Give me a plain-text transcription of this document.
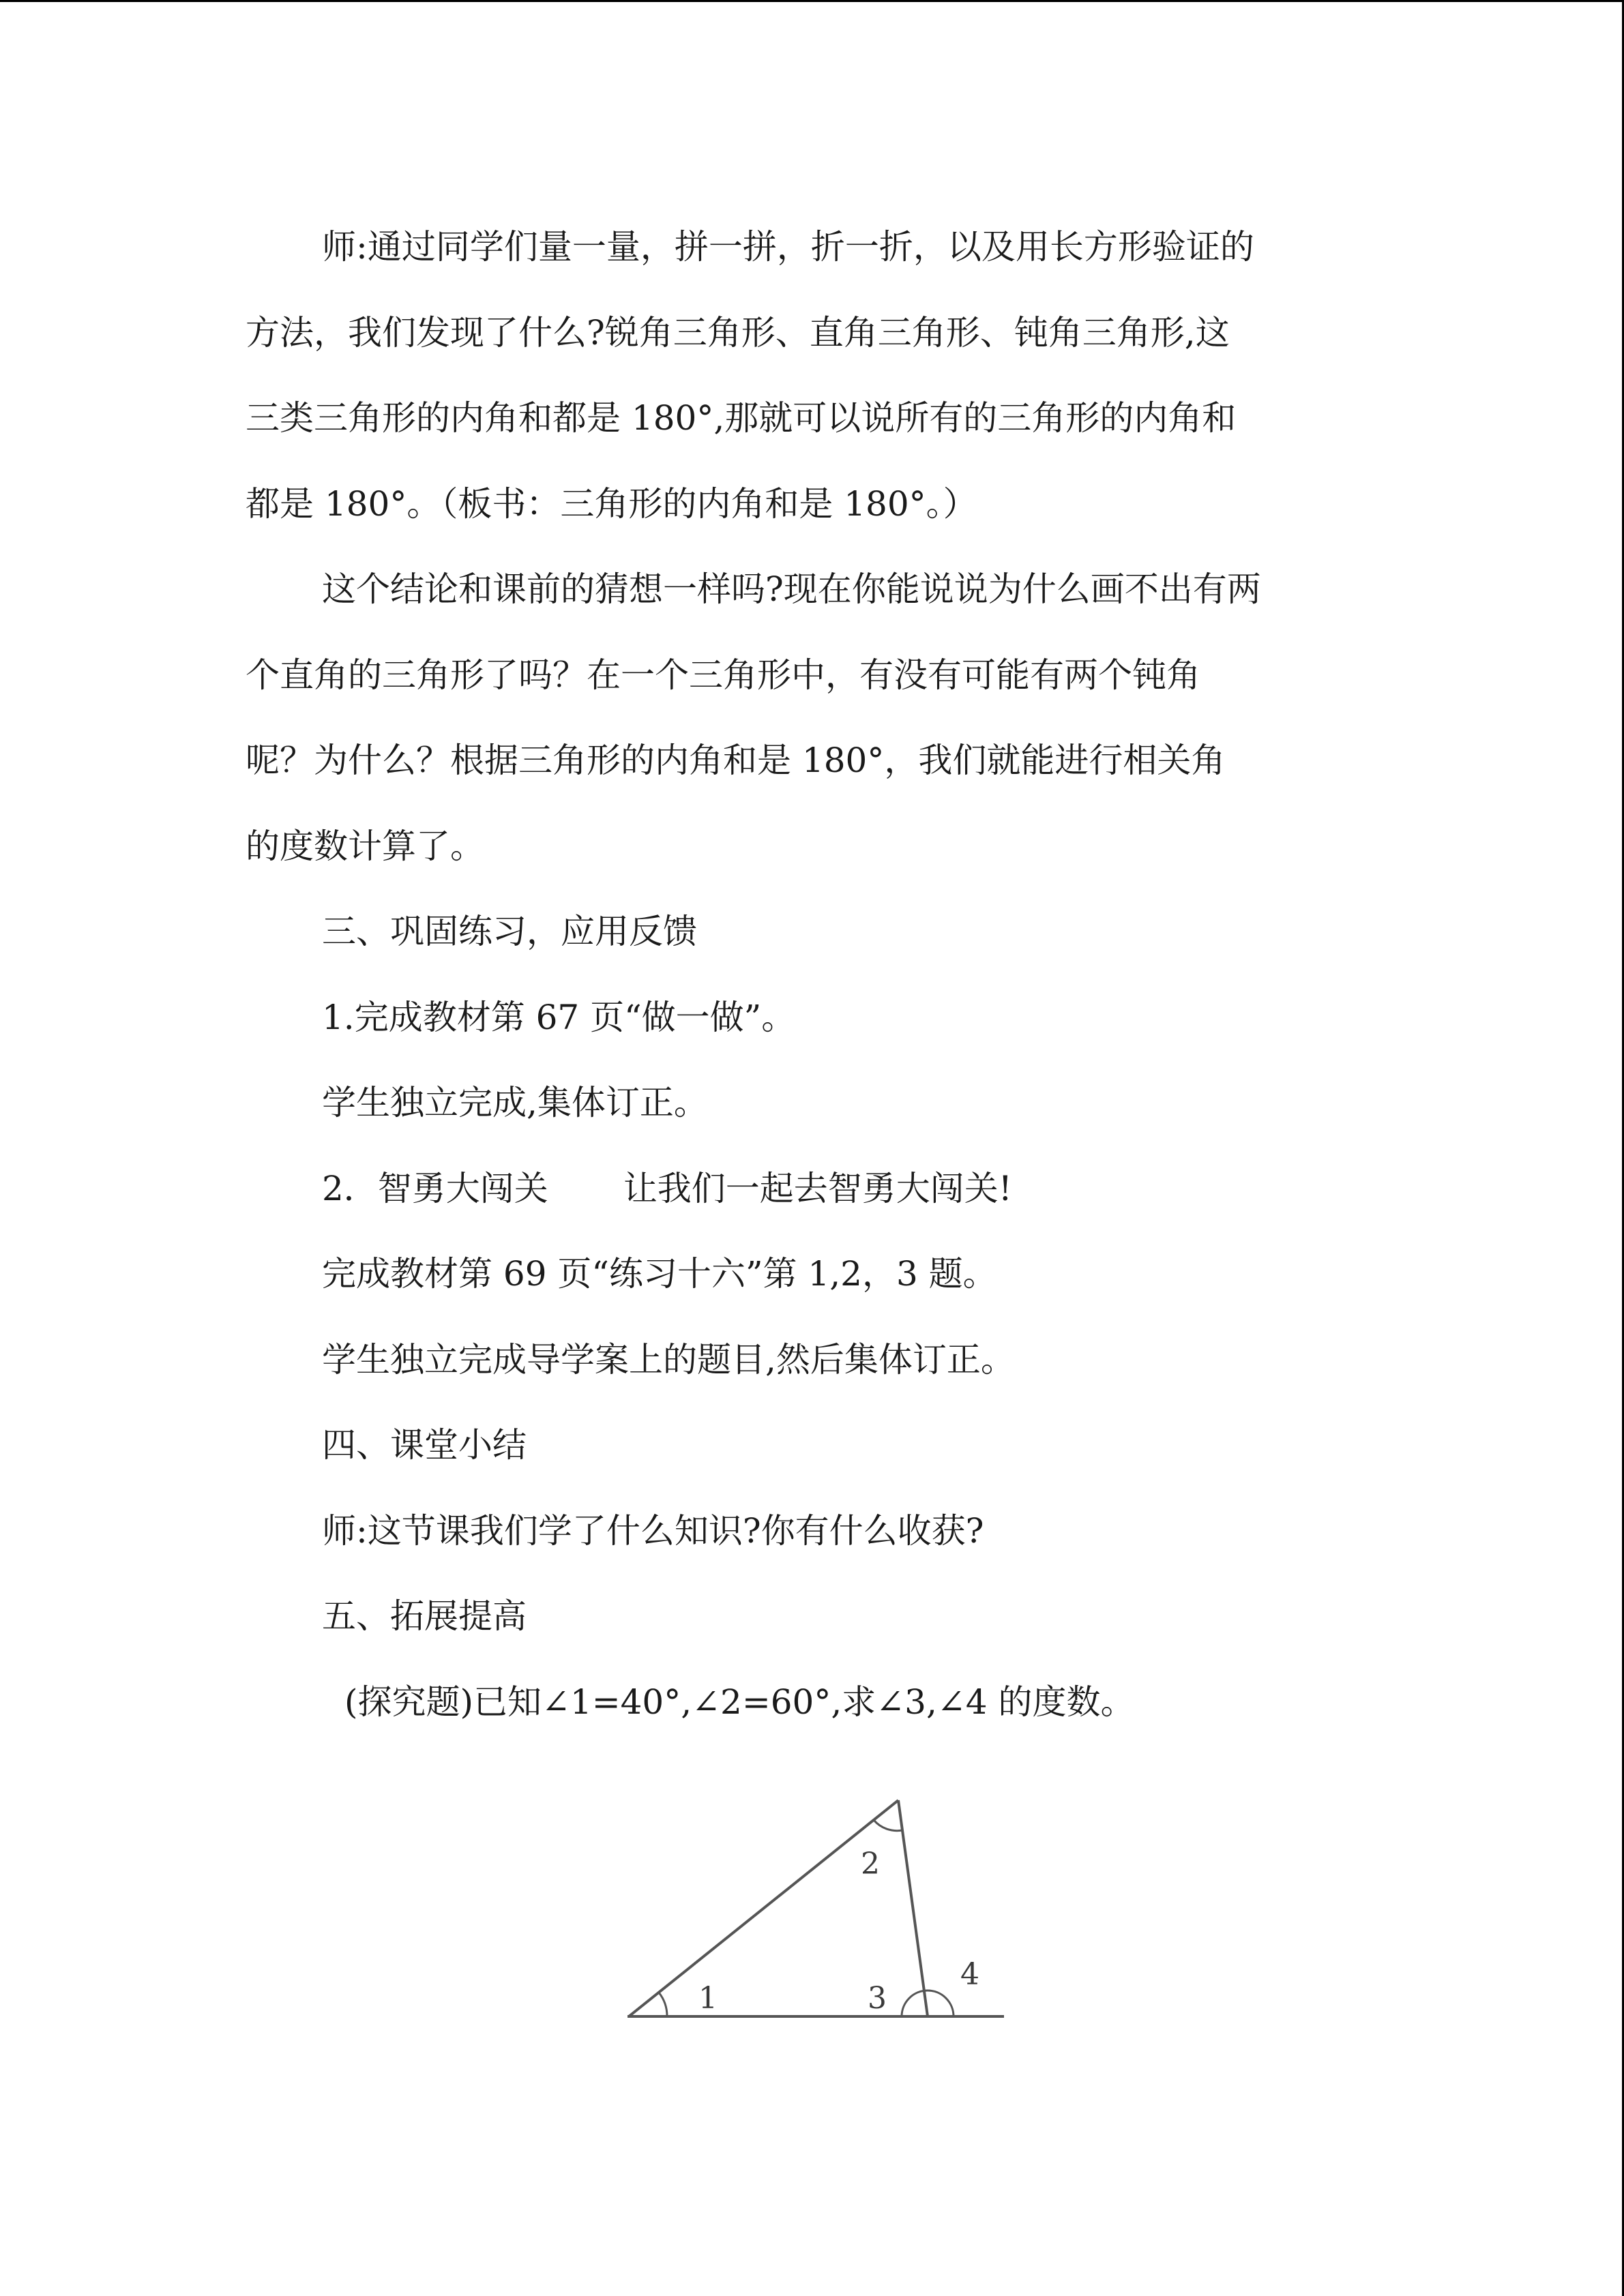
师:通过同学们量一量，拼一拼，折一折，以及用长方形验证的

方法，我们发现了什么?锐角三角形、直角三角形、钝角三角形,这

三类三角形的内角和都是 180°,那就可以说所有的三角形的内角和

都是 180°。（板书：三角形的内角和是 180°。）

这个结论和课前的猜想一样吗?现在你能说说为什么画不出有两

个直角的三角形了吗？在一个三角形中，有没有可能有两个钝角

呢？为什么？根据三角形的内角和是 180°，我们就能进行相关角

的度数计算了。

三、巩固练习，应用反馈

1.完成教材第 67 页“做一做”。

学生独立完成,集体订正。

2．智勇大闯关 让我们一起去智勇大闯关!

完成教材第 69 页“练习十六”第 1,2，3 题。

学生独立完成导学案上的题目,然后集体订正。

四、课堂小结

师:这节课我们学了什么知识?你有什么收获?

五、拓展提高

(探究题)已知∠1=40°,∠2=60°,求∠3,∠4 的度数。

1
2
3
4
